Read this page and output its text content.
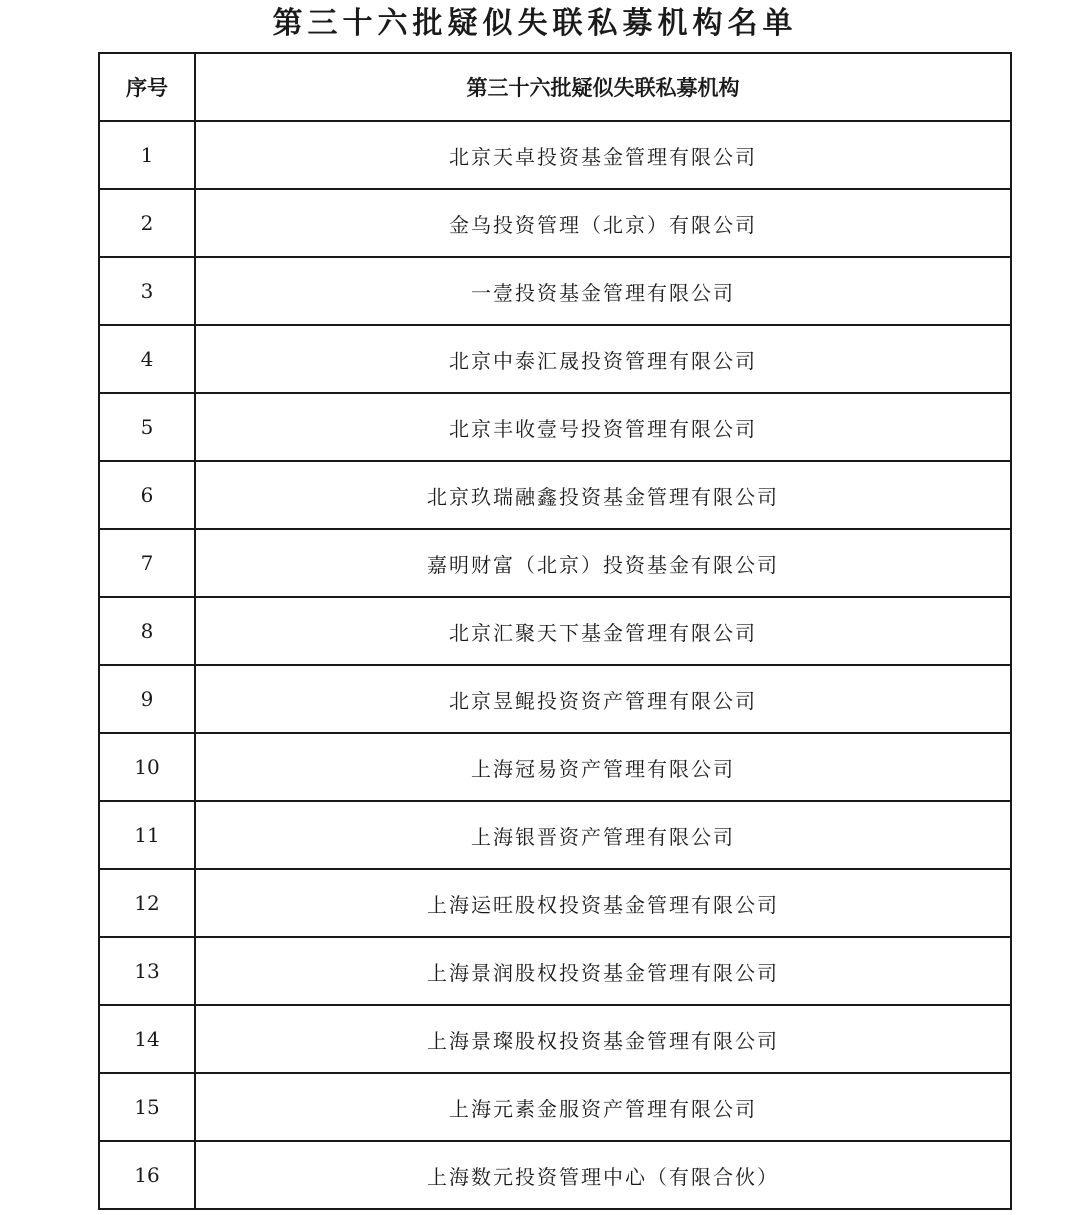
第三十六批疑似失联私募机构名单
序号	第三十六批疑似失联私募机构
1	北京天卓投资基金管理有限公司
2	金乌投资管理（北京）有限公司
3	一壹投资基金管理有限公司
4	北京中泰汇晟投资管理有限公司
5	北京丰收壹号投资管理有限公司
6	北京玖瑞融鑫投资基金管理有限公司
7	嘉明财富（北京）投资基金有限公司
8	北京汇聚天下基金管理有限公司
9	北京昱鲲投资资产管理有限公司
10	上海冠易资产管理有限公司
11	上海银晋资产管理有限公司
12	上海运旺股权投资基金管理有限公司
13	上海景润股权投资基金管理有限公司
14	上海景璨股权投资基金管理有限公司
15	上海元素金服资产管理有限公司
16	上海数元投资管理中心（有限合伙）
